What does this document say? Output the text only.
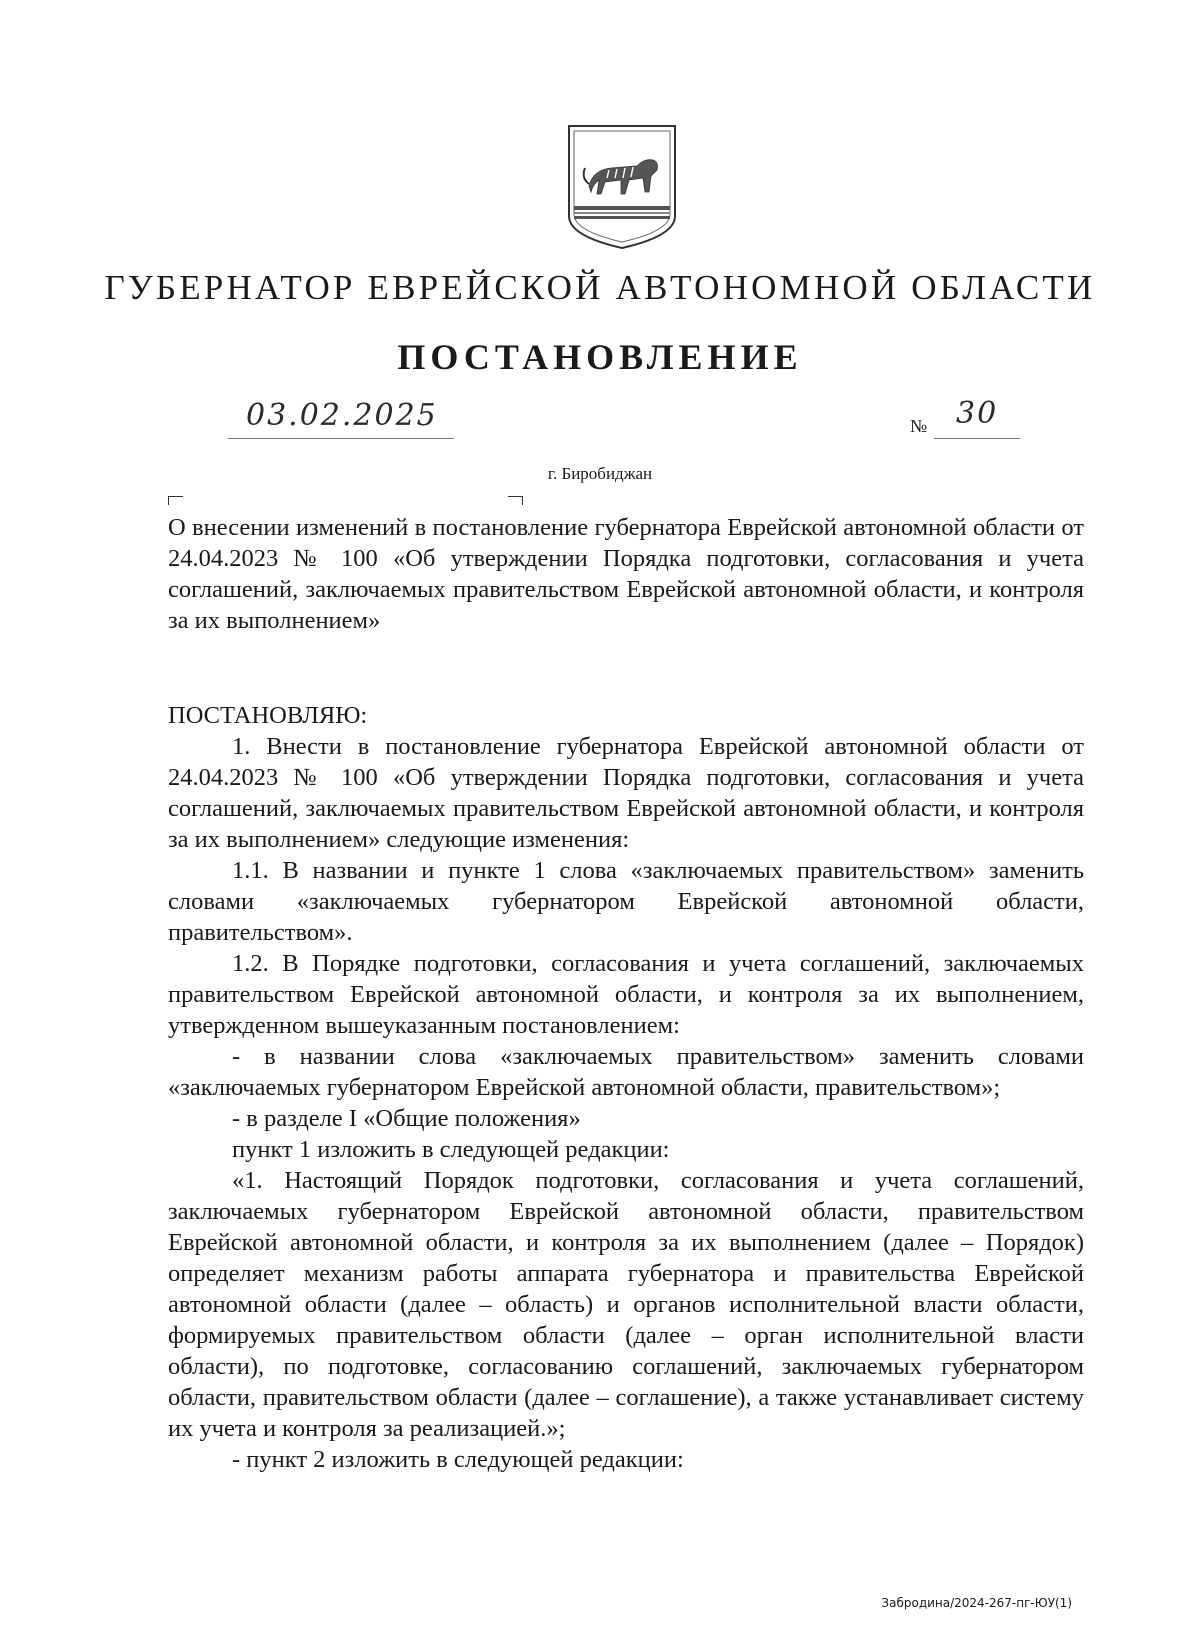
ГУБЕРНАТОР ЕВРЕЙСКОЙ АВТОНОМНОЙ ОБЛАСТИ
ПОСТАНОВЛЕНИЕ
03.02.2025	№ 30
г. Биробиджан
О внесении изменений в постановление губернатора Еврейской автономной области от 24.04.2023 № 100 «Об утверждении Порядка подготовки, согласования и учета соглашений, заключаемых правительством Еврейской автономной области, и контроля за их выполнением»

ПОСТАНОВЛЯЮ:

1. Внести в постановление губернатора Еврейской автономной области от 24.04.2023 № 100 «Об утверждении Порядка подготовки, согласования и учета соглашений, заключаемых правительством Еврейской автономной области, и контроля за их выполнением» следующие изменения:

1.1. В названии и пункте 1 слова «заключаемых правительством» заменить словами «заключаемых губернатором Еврейской автономной области, правительством».

1.2. В Порядке подготовки, согласования и учета соглашений, заключаемых правительством Еврейской автономной области, и контроля за их выполнением, утвержденном вышеуказанным постановлением:

- в названии слова «заключаемых правительством» заменить словами «заключаемых губернатором Еврейской автономной области, правительством»;

- в разделе I «Общие положения»

пункт 1 изложить в следующей редакции:

«1. Настоящий Порядок подготовки, согласования и учета соглашений, заключаемых губернатором Еврейской автономной области, правительством Еврейской автономной области, и контроля за их выполнением (далее – Порядок) определяет механизм работы аппарата губернатора и правительства Еврейской автономной области (далее – область) и органов исполнительной власти области, формируемых правительством области (далее – орган исполнительной власти области), по подготовке, согласованию соглашений, заключаемых губернатором области, правительством области (далее – соглашение), а также устанавливает систему их учета и контроля за реализацией.»;

- пункт 2 изложить в следующей редакции:

Забродина/2024-267-пг-ЮУ(1)
